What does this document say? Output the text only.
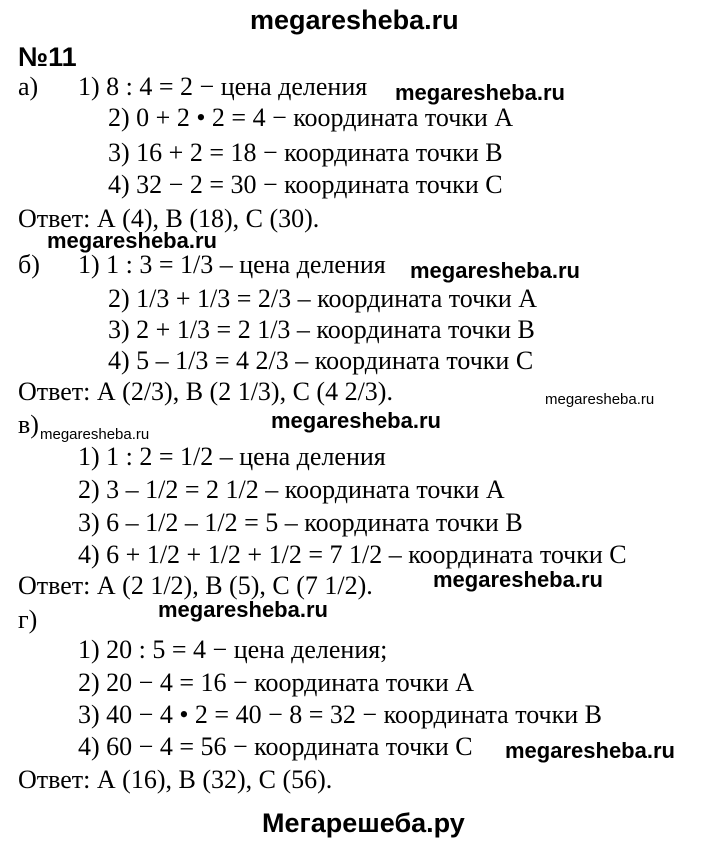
megaresheba.ru
№11
а) 1) 8 : 4 = 2 − цена деления
2) 0 + 2 • 2 = 4 − координата точки А
3) 16 + 2 = 18 − координата точки В
4) 32 − 2 = 30 − координата точки С
Ответ: А (4), В (18), С (30).
б) 1) 1 : 3 = 1/3 – цена деления
2) 1/3 + 1/3 = 2/3 – координата точки А
3) 2 + 1/3 = 2 1/3 – координата точки В
4) 5 – 1/3 = 4 2/3 – координата точки С
Ответ: А (2/3), В (2 1/3), С (4 2/3).
в)
1) 1 : 2 = 1/2 – цена деления
2) 3 – 1/2 = 2 1/2 – координата точки А
3) 6 – 1/2 – 1/2 = 5 – координата точки В
4) 6 + 1/2 + 1/2 + 1/2 = 7 1/2 – координата точки С
Ответ: А (2 1/2), В (5), С (7 1/2).
г)
1) 20 : 5 = 4 − цена деления;
2) 20 − 4 = 16 − координата точки А
3) 40 − 4 • 2 = 40 − 8 = 32 − координата точки В
4) 60 − 4 = 56 − координата точки С
Ответ: А (16), В (32), С (56).
megaresheba.ru
megaresheba.ru
megaresheba.ru
megaresheba.ru
megaresheba.ru
megaresheba.ru
megaresheba.ru
megaresheba.ru
megaresheba.ru
Мегарешеба.ру
